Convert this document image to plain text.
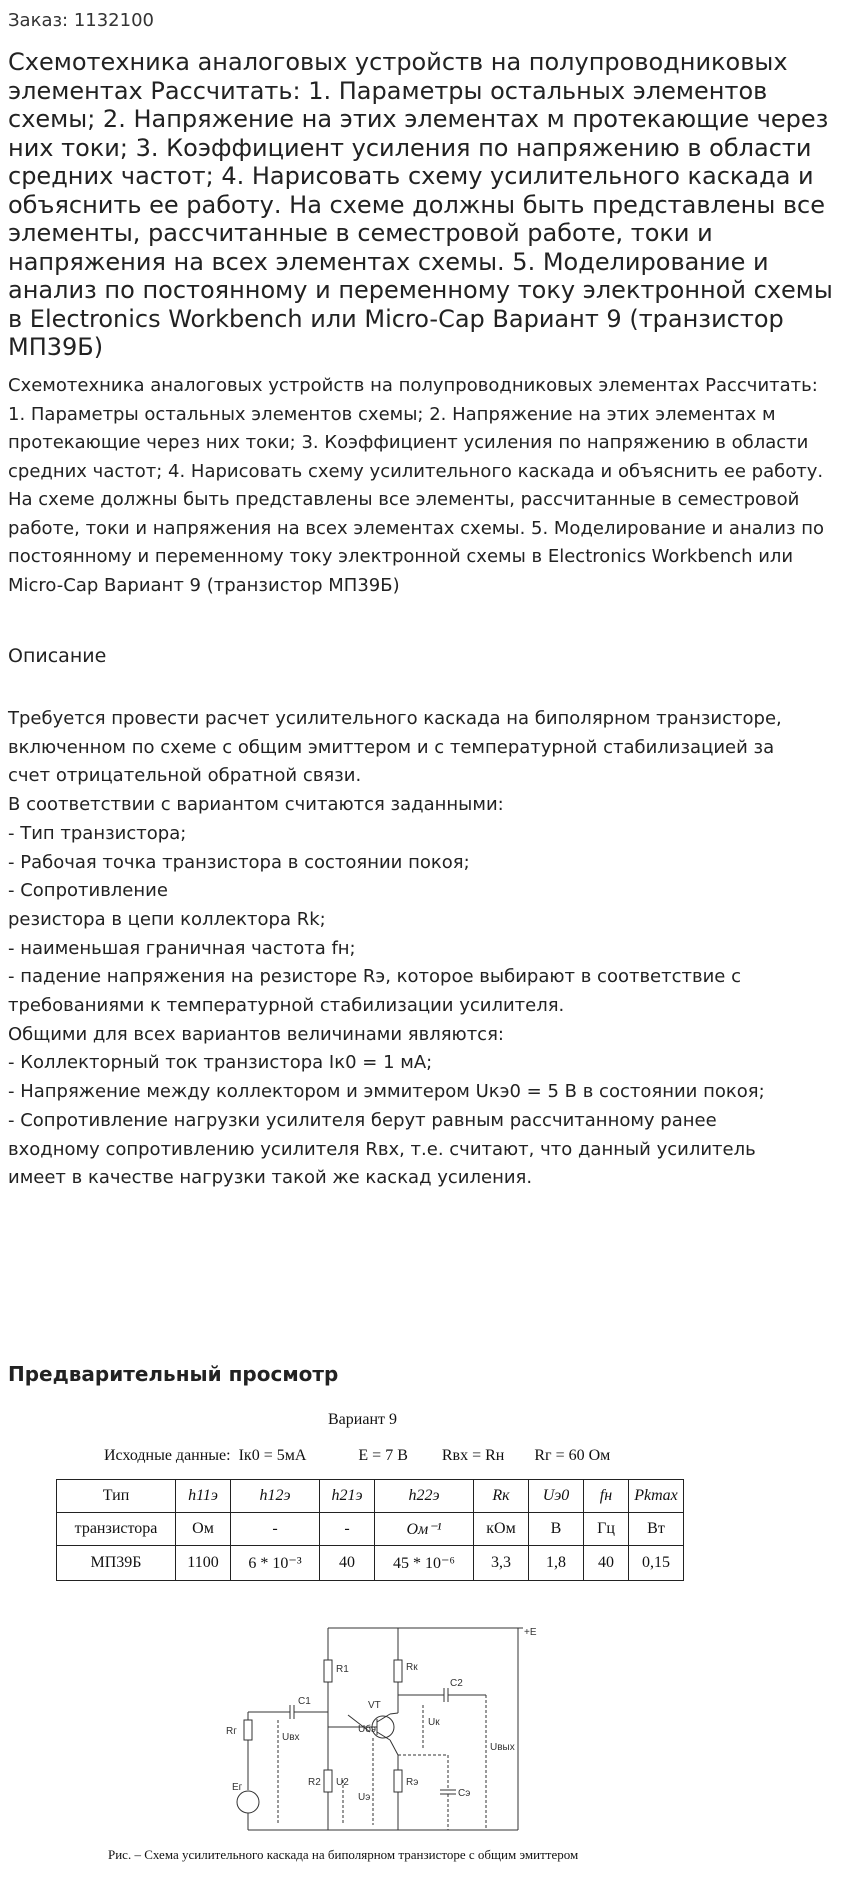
Заказ: 1132100
Схемотехника аналоговых устройств на полупроводниковых элементах Рассчитать: 1. Параметры остальных элементов схемы; 2. Напряжение на этих элементах м протекающие через них токи; 3. Коэффициент усиления по напряжению в области средних частот; 4. Нарисовать схему усилительного каскада и объяснить ее работу. На схеме должны быть представлены все элементы, рассчитанные в семестровой работе, токи и напряжения на всех элементах схемы. 5. Моделирование и анализ по постоянному и переменному току электронной схемы в Electronics Workbench или Micro-Cap Вариант 9 (транзистор МП39Б)

Схемотехника аналоговых устройств на полупроводниковых элементах Рассчитать: 1. Параметры остальных элементов схемы; 2. Напряжение на этих элементах м протекающие через них токи; 3. Коэффициент усиления по напряжению в области средних частот; 4. Нарисовать схему усилительного каскада и объяснить ее работу. На схеме должны быть представлены все элементы, рассчитанные в семестровой работе, токи и напряжения на всех элементах схемы. 5. Моделирование и анализ по постоянному и переменному току электронной схемы в Electronics Workbench или Micro-Cap Вариант 9 (транзистор МП39Б)

Описание
Требуется провести расчет усилительного каскада на биполярном транзисторе,
включенном по схеме с общим эмиттером и с температурной стабилизацией за
счет отрицательной обратной связи.
В соответствии с вариантом считаются заданными:
- Тип транзистора;
- Рабочая точка транзистора в состоянии покоя;
- Сопротивление
резистора в цепи коллектора Rk;
- наименьшая граничная частота fн;
- падение напряжения на резисторе Rэ, которое выбирают в соответствие с
требованиями к температурной стабилизации усилителя.
Общими для всех вариантов величинами являются:
- Коллекторный ток транзистора Iк0 = 1 мА;
- Напряжение между коллектором и эммитером Uкэ0 = 5 В в состоянии покоя;
- Сопротивление нагрузки усилителя берут равным рассчитанному ранее
входному сопротивлению усилителя Rвх, т.е. считают, что данный усилитель
имеет в качестве нагрузки такой же каскад усиления.
Предварительный просмотр
Вариант 9
Исходные данные: Iк0 = 5мА	E = 7 В Rвх = Rн Rг = 60 Ом
Тип	h11э	h12э	h21э	h22э	Rк	Uэ0	fн	Pkmax
транзистора	Ом	-	-	Ом⁻¹	кОм	В	Гц	Вт
МП39Б	1100	6 * 10⁻³	40	45 * 10⁻⁶	3,3	1,8	40	0,15
+E
R1	Rк
C1
C2
VT
Uбэ
Uк
Rг
Uвх
Eг	R2 U2
Uэ
Rэ
Cэ
Uвых
Рис. – Схема усилительного каскада на биполярном транзисторе с общим эмиттером
